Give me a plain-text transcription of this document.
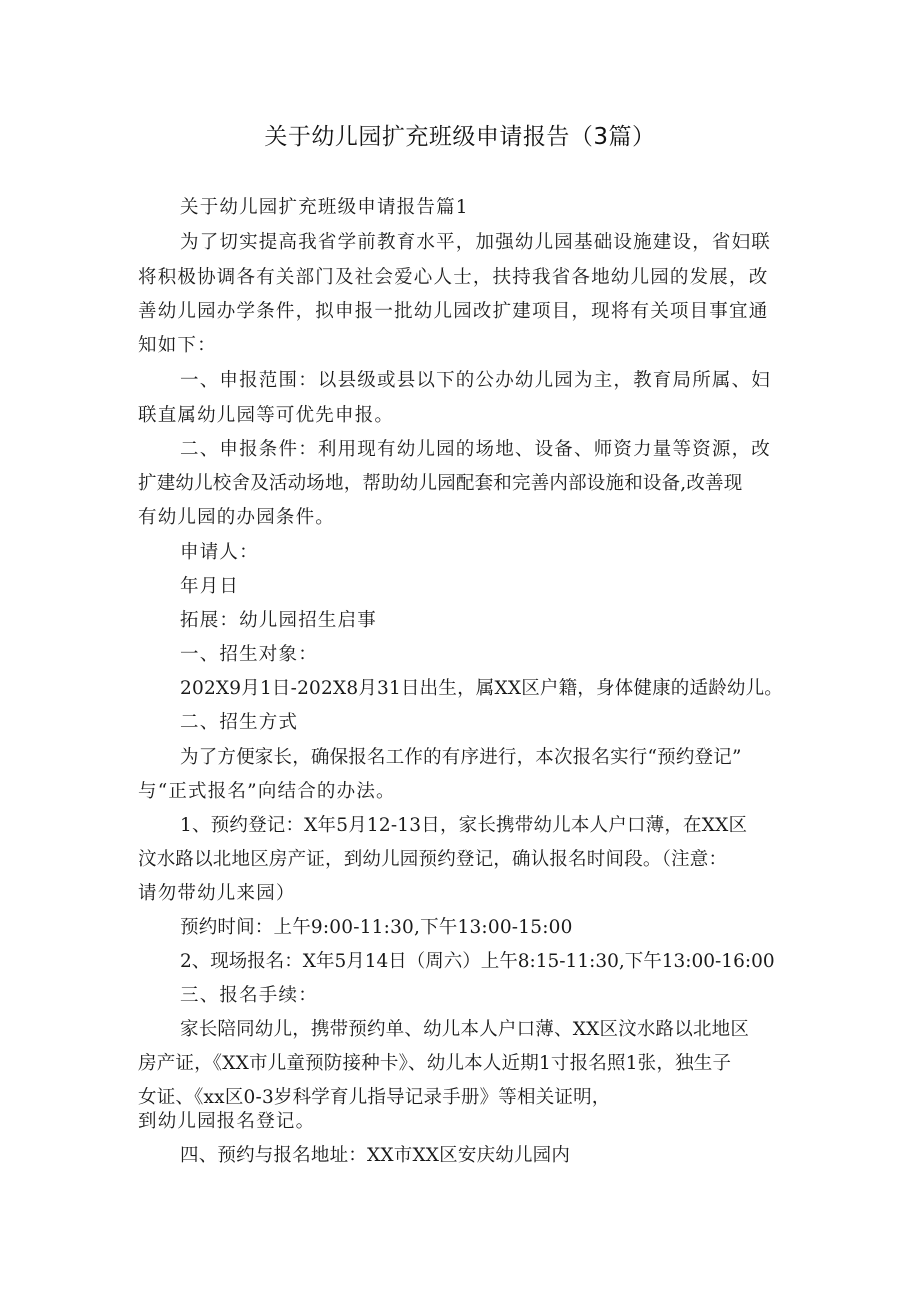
关于幼儿园扩充班级申请报告（3篇）
关于幼儿园扩充班级申请报告篇1
为了切实提高我省学前教育水平，加强幼儿园基础设施建设，省妇联
将积极协调各有关部门及社会爱心人士，扶持我省各地幼儿园的发展，改
善幼儿园办学条件，拟申报一批幼儿园改扩建项目，现将有关项目事宜通
知如下：
一、申报范围：以县级或县以下的公办幼儿园为主，教育局所属、妇
联直属幼儿园等可优先申报。
二、申报条件：利用现有幼儿园的场地、设备、师资力量等资源，改
扩建幼儿校舍及活动场地，帮助幼儿园配套和完善内部设施和设备,改善现
有幼儿园的办园条件。
申请人：
年月日
拓展：幼儿园招生启事
一、招生对象：
202X9月1日-202X8月31日出生，属XX区户籍，身体健康的适龄幼儿。
二、招生方式
为了方便家长，确保报名工作的有序进行，本次报名实行“预约登记”
与“正式报名”向结合的办法。
1、预约登记：X年5月12-13日，家长携带幼儿本人户口薄，在XX区
汶水路以北地区房产证，到幼儿园预约登记，确认报名时间段。（注意：
请勿带幼儿来园）
预约时间：上午9:00-11:30,下午13:00-15:00
2、现场报名：X年5月14日（周六）上午8:15-11:30,下午13:00-16:00
三、报名手续：
家长陪同幼儿，携带预约单、幼儿本人户口薄、XX区汶水路以北地区
房产证，《XX市儿童预防接种卡》、幼儿本人近期1寸报名照1张，独生子
女证、《xx区0-3岁科学育儿指导记录手册》等相关证明，
到幼儿园报名登记。
四、预约与报名地址：XX市XX区安庆幼儿园内
